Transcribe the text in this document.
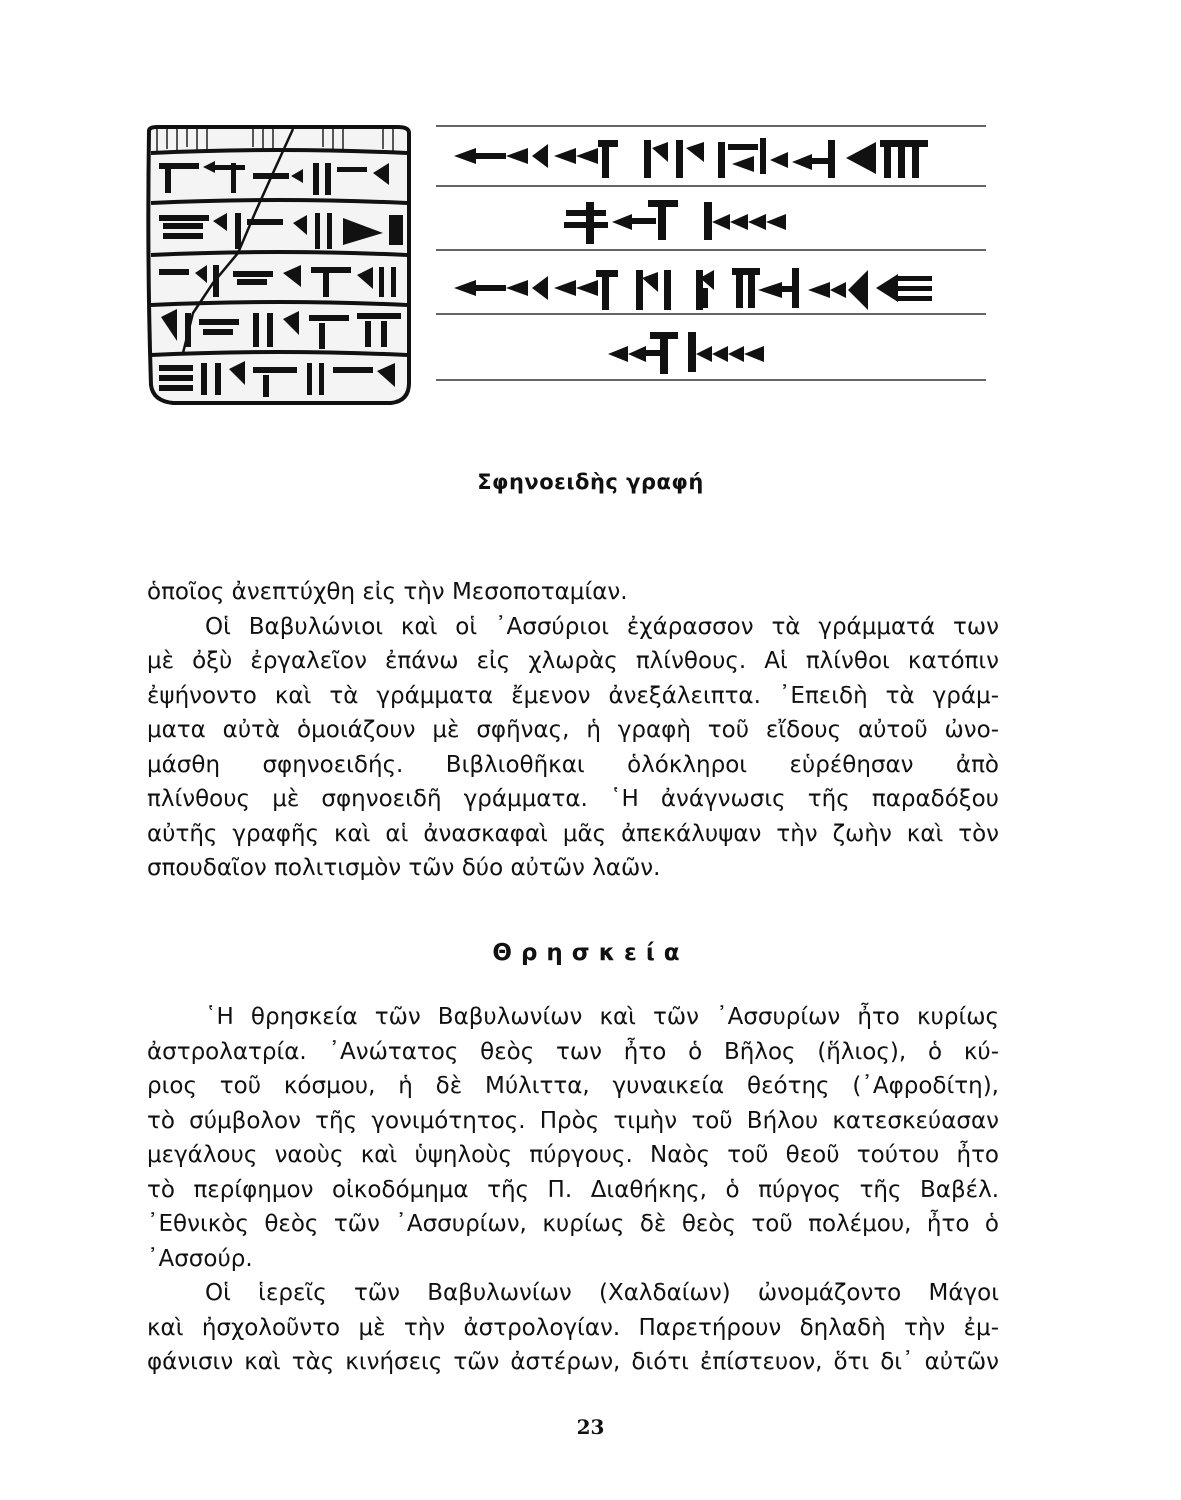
Σφηνοειδὴς γραφή

ὁποῖος ἀνεπτύχθη εἰς τὴν Μεσοποταμίαν.

Οἱ Βαβυλώνιοι καὶ οἱ ᾿Ασσύριοι ἐχάρασσον τὰ γράμματά των
μὲ ὀξὺ ἐργαλεῖον ἐπάνω εἰς χλωρὰς πλίνθους. Αἱ πλίνθοι κατόπιν
ἐψήνοντο καὶ τὰ γράμματα ἔμενον ἀνεξάλειπτα. ᾿Επειδὴ τὰ γράμ-
ματα αὐτὰ ὁμοιάζουν μὲ σφῆνας, ἡ γραφὴ τοῦ εἴδους αὐτοῦ ὠνο-
μάσθη σφηνοειδής. Βιβλιοθῆκαι ὁλόκληροι εὑρέθησαν ἀπὸ
πλίνθους μὲ σφηνοειδῆ γράμματα. ῾Η ἀνάγνωσις τῆς παραδόξου
αὐτῆς γραφῆς καὶ αἱ ἀνασκαφαὶ μᾶς ἀπεκάλυψαν τὴν ζωὴν καὶ τὸν
σπουδαῖον πολιτισμὸν τῶν δύο αὐτῶν λαῶν.

Θρησκεία

῾Η θρησκεία τῶν Βαβυλωνίων καὶ τῶν ᾿Ασσυρίων ἦτο κυρίως
ἀστρολατρία. ᾿Ανώτατος θεὸς των ἦτο ὁ Βῆλος (ἥλιος), ὁ κύ-
ριος τοῦ κόσμου, ἡ δὲ Μύλιττα, γυναικεία θεότης (᾿Αφροδίτη),
τὸ σύμβολον τῆς γονιμότητος. Πρὸς τιμὴν τοῦ Βήλου κατεσκεύασαν
μεγάλους ναοὺς καὶ ὑψηλοὺς πύργους. Ναὸς τοῦ θεοῦ τούτου ἦτο
τὸ περίφημον οἰκοδόμημα τῆς Π. Διαθήκης, ὁ πύργος τῆς Βαβέλ.
᾿Εθνικὸς θεὸς τῶν ᾿Ασσυρίων, κυρίως δὲ θεὸς τοῦ πολέμου, ἦτο ὁ
᾿Ασσούρ.

Οἱ ἱερεῖς τῶν Βαβυλωνίων (Χαλδαίων) ὠνομάζοντο Μάγοι
καὶ ἠσχολοῦντο μὲ τὴν ἀστρολογίαν. Παρετήρουν δηλαδὴ τὴν ἐμ-
φάνισιν καὶ τὰς κινήσεις τῶν ἀστέρων, διότι ἐπίστευον, ὅτι δι᾿ αὐτῶν

23
